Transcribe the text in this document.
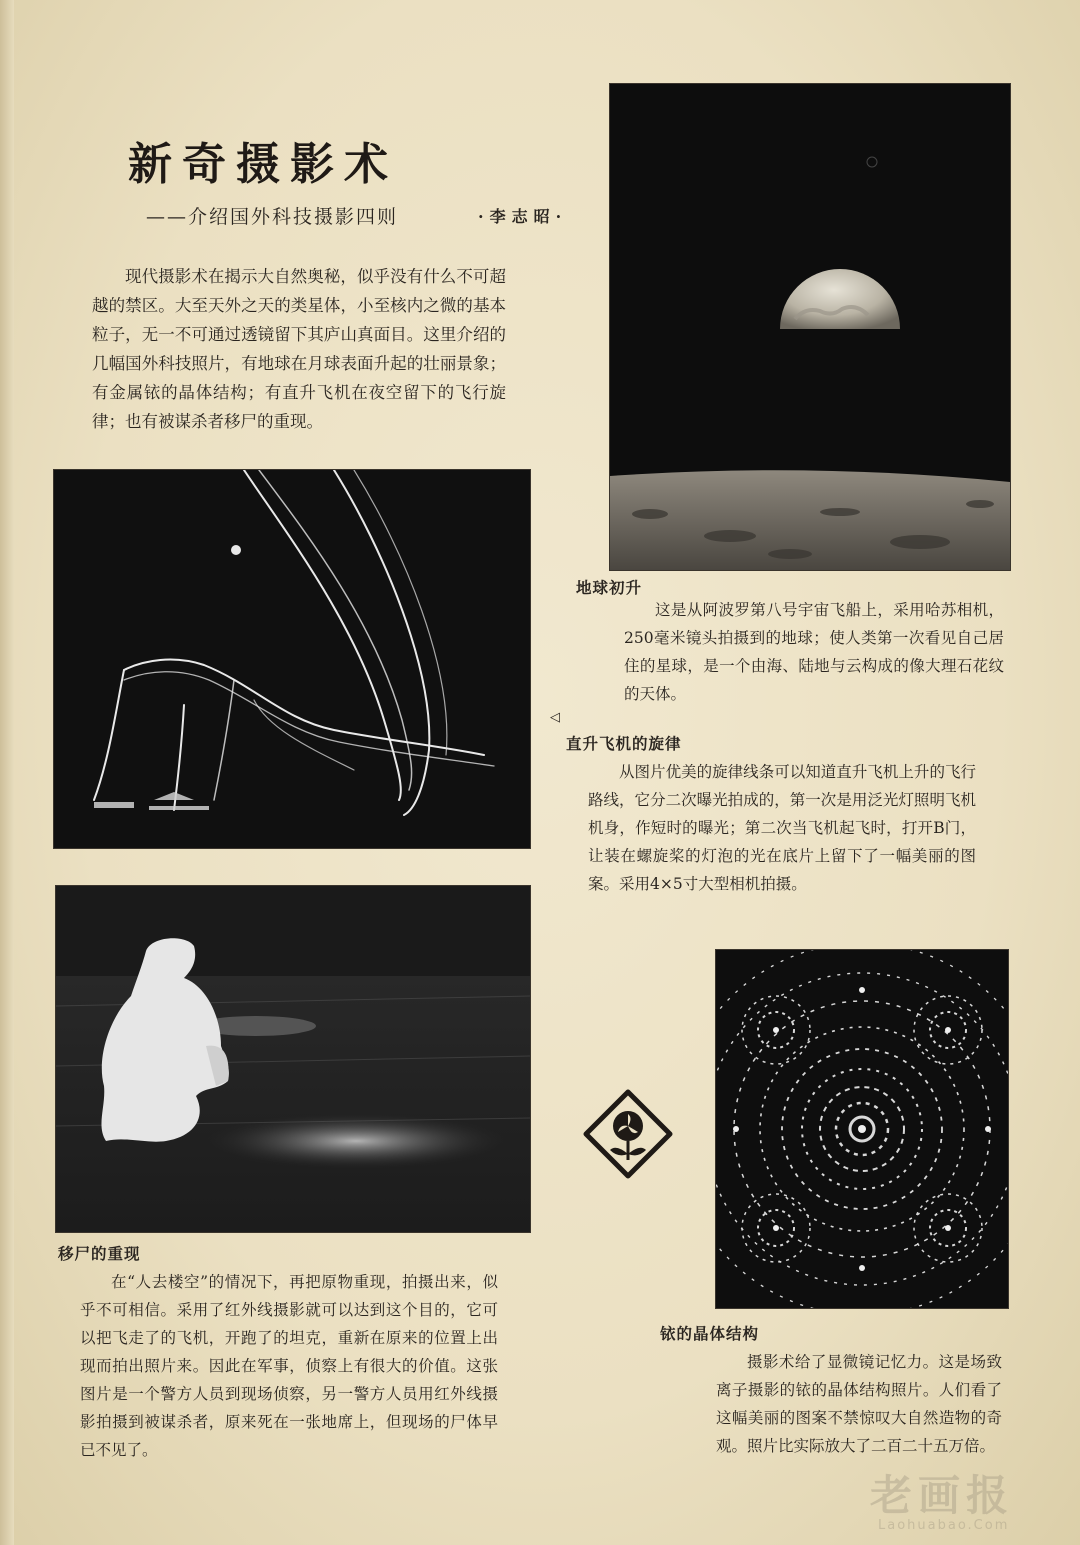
新奇摄影术
——介绍国外科技摄影四则	·李志昭·
现代摄影术在揭示大自然奥秘，似乎没有什么不可超越的禁区。大至天外之天的类星体，小至核内之微的基本粒子，无一不可通过透镜留下其庐山真面目。这里介绍的几幅国外科技照片，有地球在月球表面升起的壮丽景象；有金属铱的晶体结构；有直升飞机在夜空留下的飞行旋律；也有被谋杀者移尸的重现。
地球初升
这是从阿波罗第八号宇宙飞船上，采用哈苏相机，250毫米镜头拍摄到的地球；使人类第一次看见自己居住的星球，是一个由海、陆地与云构成的像大理石花纹的天体。
◁
直升飞机的旋律
从图片优美的旋律线条可以知道直升飞机上升的飞行路线，它分二次曝光拍成的，第一次是用泛光灯照明飞机机身，作短时的曝光；第二次当飞机起飞时，打开B门，让装在螺旋桨的灯泡的光在底片上留下了一幅美丽的图案。采用4×5寸大型相机拍摄。
移尸的重现
在“人去楼空”的情况下，再把原物重现，拍摄出来，似乎不可相信。采用了红外线摄影就可以达到这个目的，它可以把飞走了的飞机，开跑了的坦克，重新在原来的位置上出现而拍出照片来。因此在军事，侦察上有很大的价值。这张图片是一个警方人员到现场侦察，另一警方人员用红外线摄影拍摄到被谋杀者，原来死在一张地席上，但现场的尸体早已不见了。
铱的晶体结构
摄影术给了显微镜记忆力。这是场致离子摄影的铱的晶体结构照片。人们看了这幅美丽的图案不禁惊叹大自然造物的奇观。照片比实际放大了二百二十五万倍。
老画报
Laohuabao.Com
